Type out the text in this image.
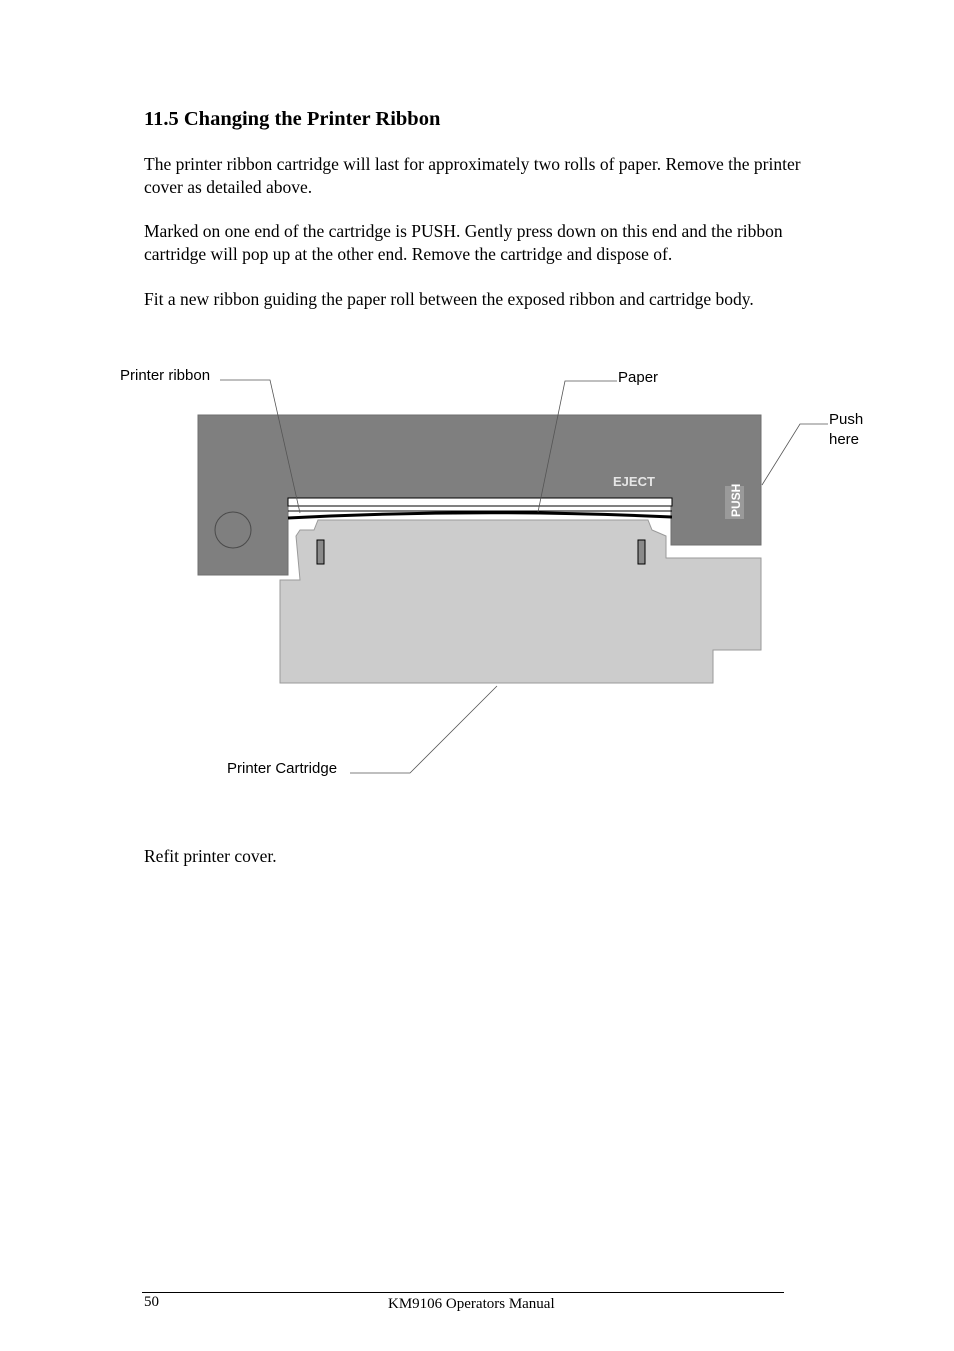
11.5 Changing the Printer Ribbon

The printer ribbon cartridge will last for approximately two rolls of paper. Remove the printer cover as detailed above.

Marked on one end of the cartridge is PUSH. Gently press down on this end and the ribbon cartridge will pop up at the other end. Remove the cartridge and dispose of.

Fit a new ribbon guiding the paper roll between the exposed ribbon and cartridge body.

EJECT
PUSH
Printer ribbon	Paper
Push
here
Printer Cartridge

Refit printer cover.

50	KM9106 Operators Manual
